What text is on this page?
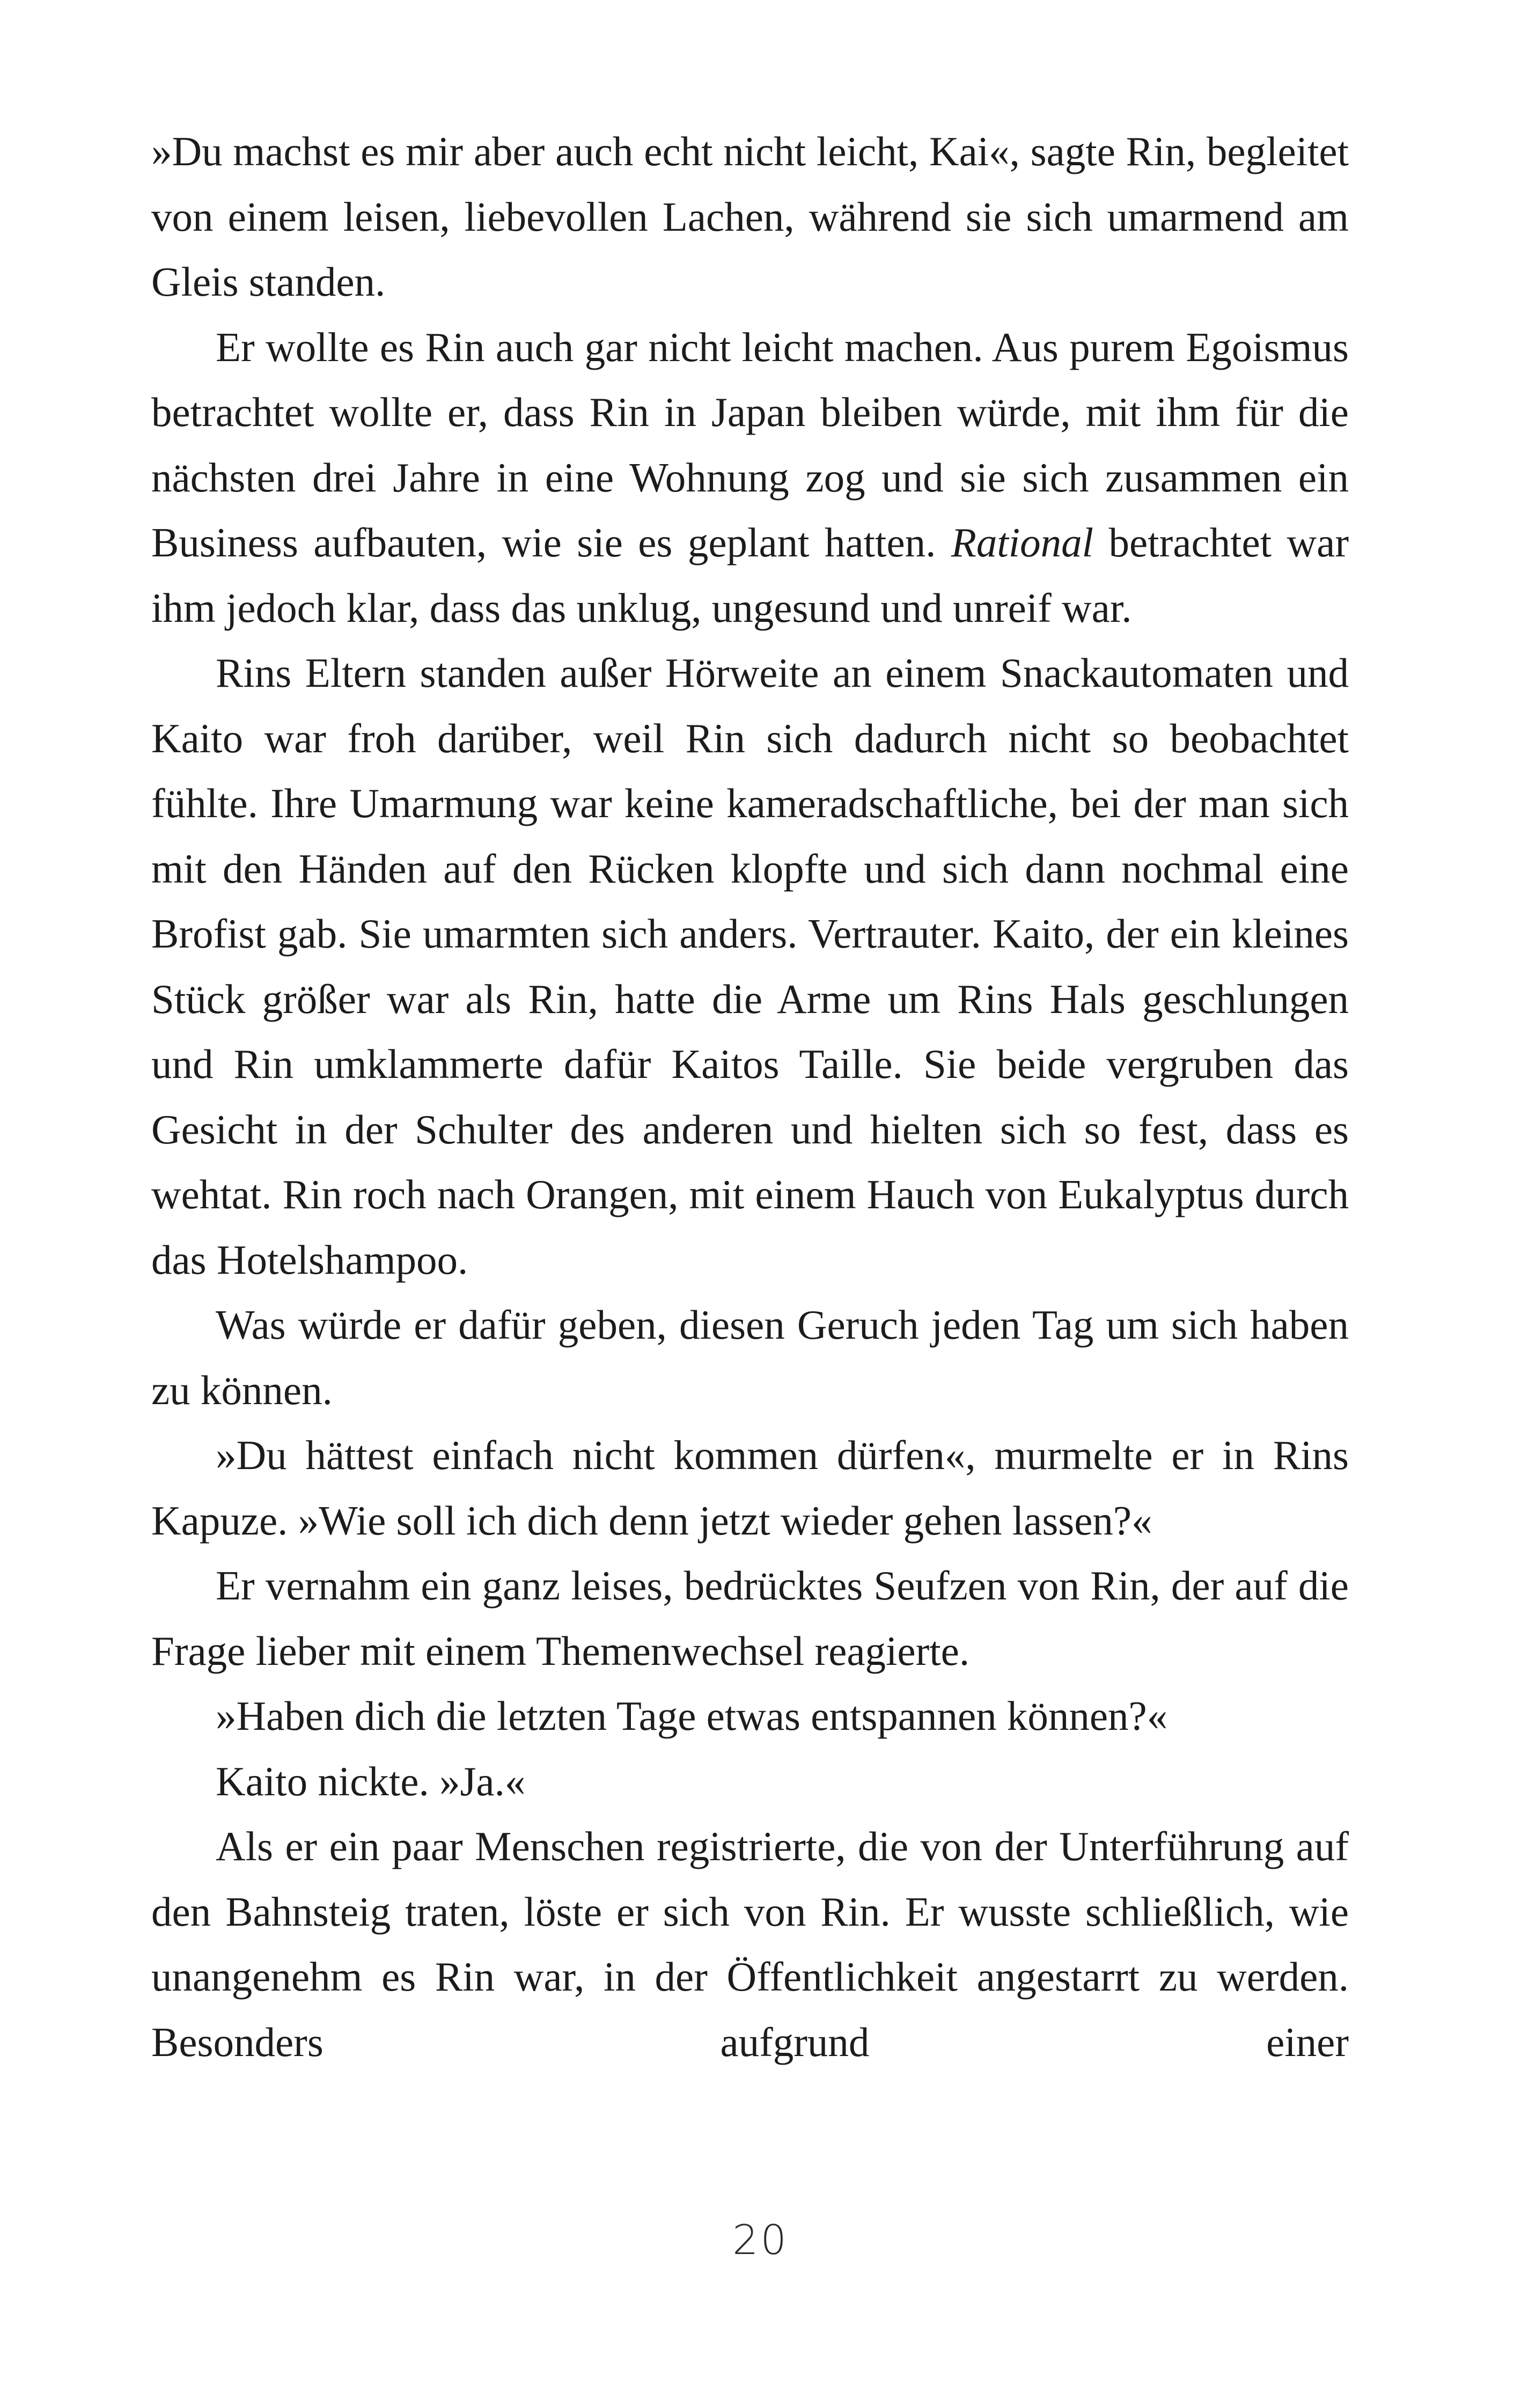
»Du machst es mir aber auch echt nicht leicht, Kai«, sagte Rin, begleitet von einem leisen, liebevollen Lachen, während sie sich umarmend am Gleis standen.

Er wollte es Rin auch gar nicht leicht machen. Aus purem Egoismus betrachtet wollte er, dass Rin in Japan bleiben würde, mit ihm für die nächsten drei Jahre in eine Wohnung zog und sie sich zusammen ein Business aufbauten, wie sie es geplant hatten. Rational betrachtet war ihm jedoch klar, dass das unklug, ungesund und unreif war.

Rins Eltern standen außer Hörweite an einem Snackautomaten und Kaito war froh darüber, weil Rin sich dadurch nicht so beobachtet fühlte. Ihre Umarmung war keine kameradschaftliche, bei der man sich mit den Händen auf den Rücken klopfte und sich dann nochmal eine Brofist gab. Sie umarmten sich anders. Vertrauter. Kaito, der ein kleines Stück größer war als Rin, hatte die Arme um Rins Hals geschlungen und Rin umklammerte dafür Kaitos Taille. Sie beide vergruben das Gesicht in der Schulter des anderen und hielten sich so fest, dass es wehtat. Rin roch nach Orangen, mit einem Hauch von Eukalyptus durch das Hotelshampoo.

Was würde er dafür geben, diesen Geruch jeden Tag um sich haben zu können.

»Du hättest einfach nicht kommen dürfen«, murmelte er in Rins Kapuze. »Wie soll ich dich denn jetzt wieder gehen lassen?«

Er vernahm ein ganz leises, bedrücktes Seufzen von Rin, der auf die Frage lieber mit einem Themenwechsel reagierte.

»Haben dich die letzten Tage etwas entspannen können?«

Kaito nickte. »Ja.«

Als er ein paar Menschen registrierte, die von der Unterführung auf den Bahnsteig traten, löste er sich von Rin. Er wusste schließlich, wie unangenehm es Rin war, in der Öffentlichkeit angestarrt zu werden. Besonders aufgrund einer

20
